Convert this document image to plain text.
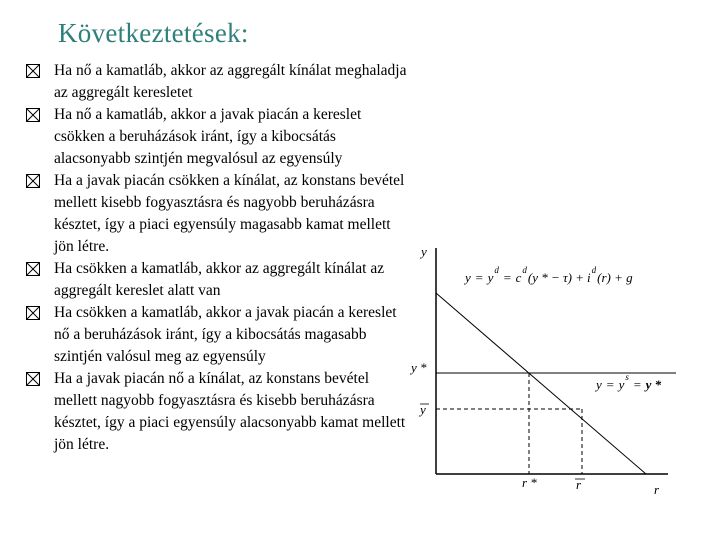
Következtetések:
Ha nő a kamatláb, akkor az aggregált kínálat meghaladja az aggregált keresletet
Ha nő a kamatláb, akkor a javak piacán a kereslet csökken a beruházások iránt, így a kibocsátás alacsonyabb szintjén megvalósul az egyensúly
Ha a javak piacán csökken a kínálat, az konstans bevétel mellett kisebb fogyasztásra és nagyobb beruházásra késztet, így a piaci egyensúly magasabb kamat mellett jön létre.
Ha csökken a kamatláb, akkor az aggregált kínálat az aggregált kereslet alatt van
Ha csökken a kamatláb, akkor a javak piacán a kereslet nő a beruházások iránt, így a kibocsátás magasabb szintjén valósul meg az egyensúly
Ha a javak piacán nő a kínálat, az konstans bevétel mellett nagyobb fogyasztásra és kisebb beruházásra késztet, így a piaci egyensúly alacsonyabb kamat mellett jön létre.
y
r
y *
y
r *	r
$y = y^d = c^d(y$ * − $\tau) + i^d(r) + g$
$y = y^s = y$ *
